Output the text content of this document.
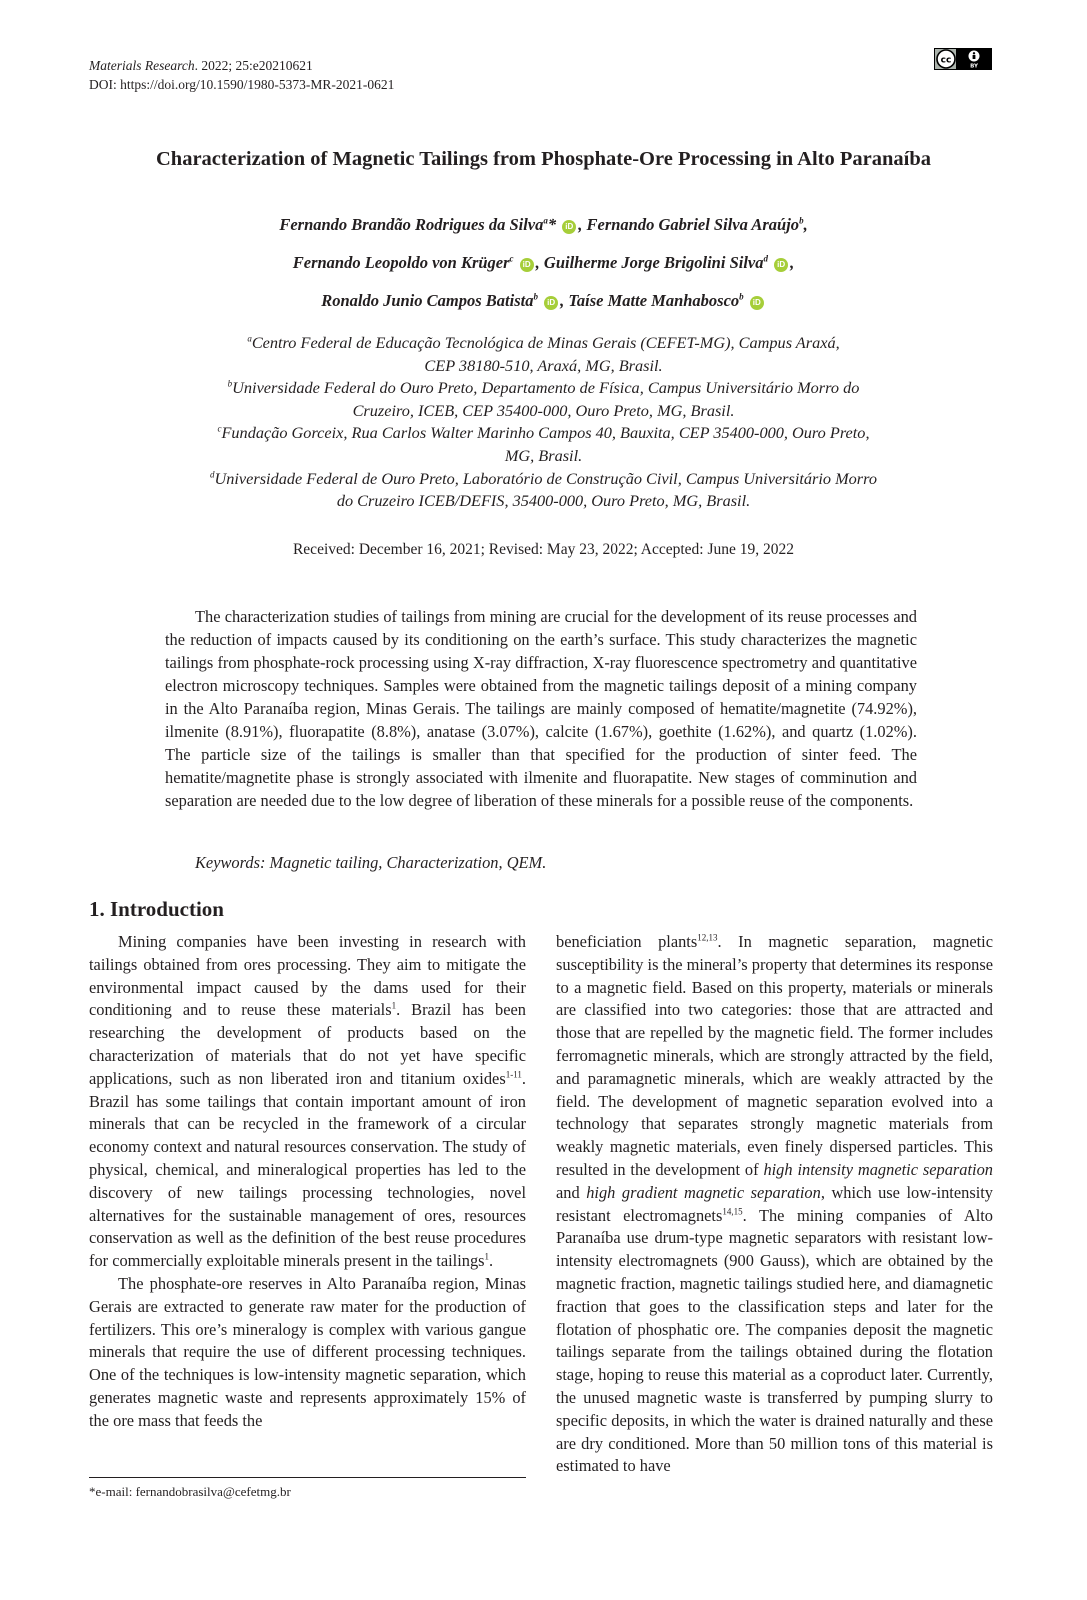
Materials Research. 2022; 25:e20210621
DOI: https://doi.org/10.1590/1980-5373-MR-2021-0621
cc
BY
Characterization of Magnetic Tailings from Phosphate-Ore Processing in Alto Paranaíba
Fernando Brandão Rodrigues da Silva$^a$* iD , Fernando Gabriel Silva Araújo$^b$,
Fernando Leopoldo von Krüger$^c$ iD , Guilherme Jorge Brigolini Silva$^d$ iD ,
Ronaldo Junio Campos Batista$^b$ iD , Taíse Matte Manhabosco$^b$ iD
$^a$Centro Federal de Educação Tecnológica de Minas Gerais (CEFET-MG), Campus Araxá,
CEP 38180-510, Araxá, MG, Brasil.
$^b$Universidade Federal do Ouro Preto, Departamento de Física, Campus Universitário Morro do
Cruzeiro, ICEB, CEP 35400-000, Ouro Preto, MG, Brasil.
$^c$Fundação Gorceix, Rua Carlos Walter Marinho Campos 40, Bauxita, CEP 35400-000, Ouro Preto,
MG, Brasil.
$^d$Universidade Federal de Ouro Preto, Laboratório de Construção Civil, Campus Universitário Morro
do Cruzeiro ICEB/DEFIS, 35400-000, Ouro Preto, MG, Brasil.
Received: December 16, 2021; Revised: May 23, 2022; Accepted: June 19, 2022

The characterization studies of tailings from mining are crucial for the development of its reuse processes and the reduction of impacts caused by its conditioning on the earth’s surface. This study characterizes the magnetic tailings from phosphate-rock processing using X-ray diffraction, X-ray fluorescence spectrometry and quantitative electron microscopy techniques. Samples were obtained from the magnetic tailings deposit of a mining company in the Alto Paranaíba region, Minas Gerais. The tailings are mainly composed of hematite/magnetite (74.92%), ilmenite (8.91%), fluorapatite (8.8%), anatase (3.07%), calcite (1.67%), goethite (1.62%), and quartz (1.02%). The particle size of the tailings is smaller than that specified for the production of sinter feed. The hematite/magnetite phase is strongly associated with ilmenite and fluorapatite. New stages of comminution and separation are needed due to the low degree of liberation of these minerals for a possible reuse of the components.

Keywords: Magnetic tailing, Characterization, QEM.
1. Introduction

Mining companies have been investing in research with tailings obtained from ores processing. They aim to mitigate the environmental impact caused by the dams used for their conditioning and to reuse these materials$^1$. Brazil has been researching the development of products based on the characterization of materials that do not yet have specific applications, such as non liberated iron and titanium oxides$^{1-11}$. Brazil has some tailings that contain important amount of iron minerals that can be recycled in the framework of a circular economy context and natural resources conservation. The study of physical, chemical, and mineralogical properties has led to the discovery of new tailings processing technologies, novel alternatives for the sustainable management of ores, resources conservation as well as the definition of the best reuse procedures for commercially exploitable minerals present in the tailings$^1$.

The phosphate-ore reserves in Alto Paranaíba region, Minas Gerais are extracted to generate raw mater for the production of fertilizers. This ore’s mineralogy is complex with various gangue minerals that require the use of different processing techniques. One of the techniques is low-intensity magnetic separation, which generates magnetic waste and represents approximately 15% of the ore mass that feeds the

beneficiation plants$^{12,13}$. In magnetic separation, magnetic susceptibility is the mineral’s property that determines its response to a magnetic field. Based on this property, materials or minerals are classified into two categories: those that are attracted and those that are repelled by the magnetic field. The former includes ferromagnetic minerals, which are strongly attracted by the field, and paramagnetic minerals, which are weakly attracted by the field. The development of magnetic separation evolved into a technology that separates strongly magnetic materials from weakly magnetic materials, even finely dispersed particles. This resulted in the development of high intensity magnetic separation and high gradient magnetic separation, which use low-intensity resistant electromagnets$^{14,15}$. The mining companies of Alto Paranaíba use drum-type magnetic separators with resistant low-intensity electromagnets (900 Gauss), which are obtained by the magnetic fraction, magnetic tailings studied here, and diamagnetic fraction that goes to the classification steps and later for the flotation of phosphatic ore. The companies deposit the magnetic tailings separate from the tailings obtained during the flotation stage, hoping to reuse this material as a coproduct later. Currently, the unused magnetic waste is transferred by pumping slurry to specific deposits, in which the water is drained naturally and these are dry conditioned. More than 50 million tons of this material is estimated to have

*e-mail: fernandobrasilva@cefetmg.br
